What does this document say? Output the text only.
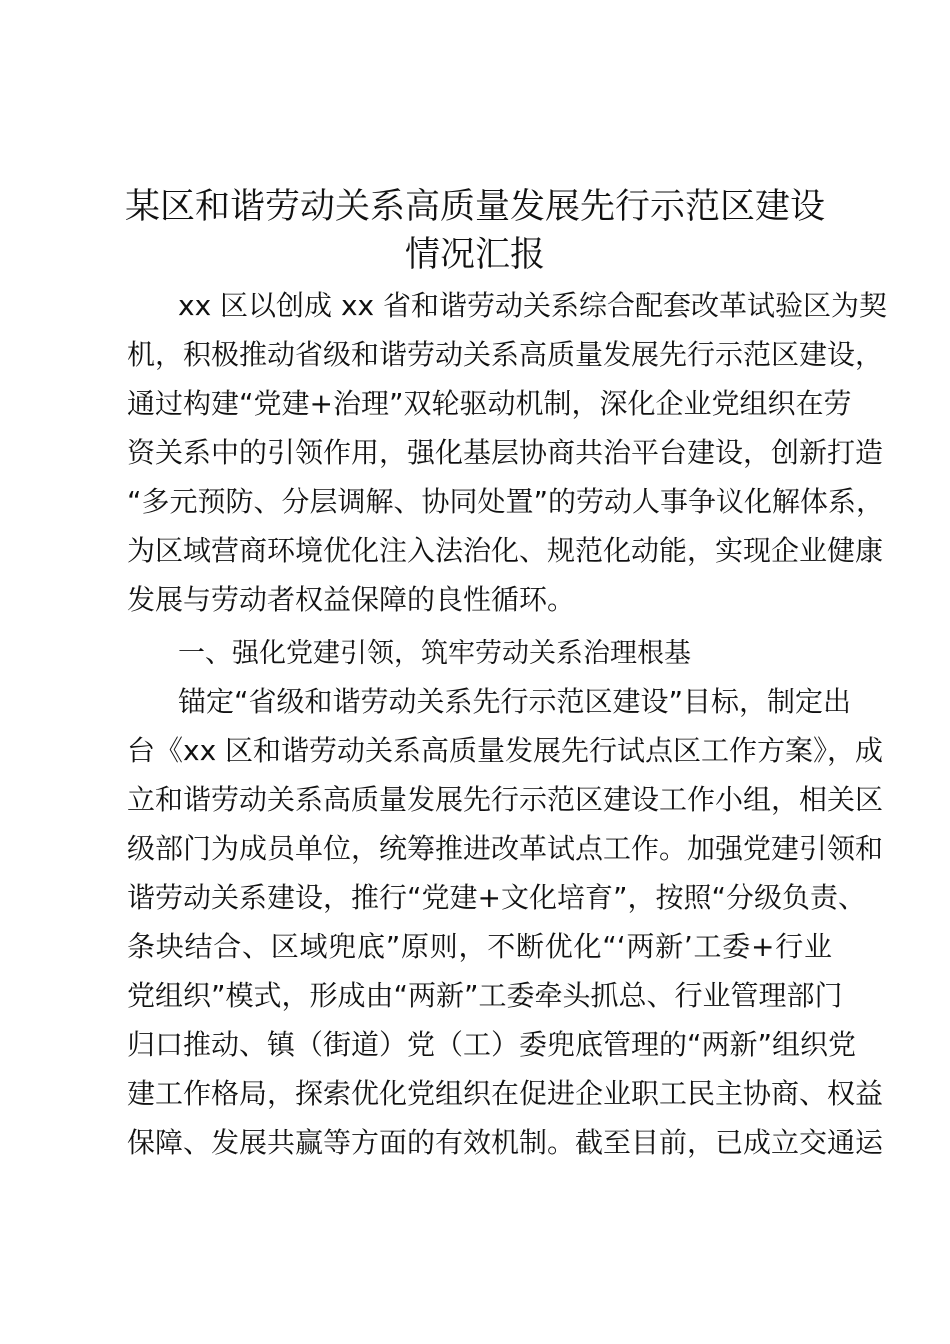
某区和谐劳动关系高质量发展先行示范区建设
情况汇报
xx 区以创成 xx 省和谐劳动关系综合配套改革试验区为契
机，积极推动省级和谐劳动关系高质量发展先行示范区建设，
通过构建“党建+治理”双轮驱动机制，深化企业党组织在劳
资关系中的引领作用，强化基层协商共治平台建设，创新打造
“多元预防、分层调解、协同处置”的劳动人事争议化解体系，
为区域营商环境优化注入法治化、规范化动能，实现企业健康
发展与劳动者权益保障的良性循环。
一、强化党建引领，筑牢劳动关系治理根基
锚定“省级和谐劳动关系先行示范区建设”目标，制定出
台《xx 区和谐劳动关系高质量发展先行试点区工作方案》，成
立和谐劳动关系高质量发展先行示范区建设工作小组，相关区
级部门为成员单位，统筹推进改革试点工作。加强党建引领和
谐劳动关系建设，推行“党建+文化培育”，按照“分级负责、
条块结合、区域兜底”原则，不断优化“‘两新’工委+行业
党组织”模式，形成由“两新”工委牵头抓总、行业管理部门
归口推动、镇（街道）党（工）委兜底管理的“两新”组织党
建工作格局，探索优化党组织在促进企业职工民主协商、权益
保障、发展共赢等方面的有效机制。截至目前，已成立交通运
